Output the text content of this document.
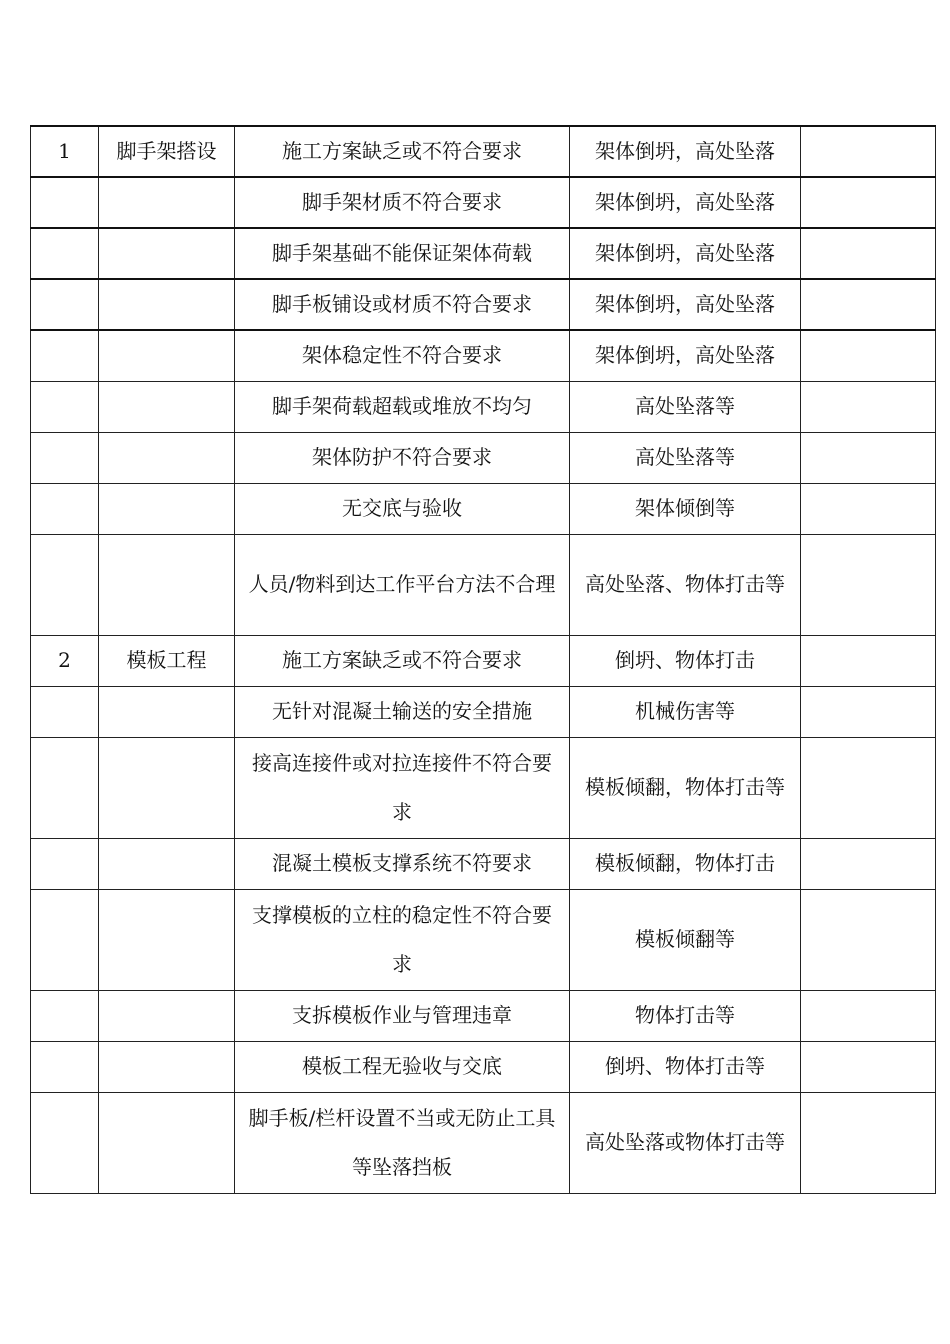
1	脚手架搭设	施工方案缺乏或不符合要求	架体倒坍，高处坠落	
		脚手架材质不符合要求	架体倒坍，高处坠落	
		脚手架基础不能保证架体荷载	架体倒坍，高处坠落	
		脚手板铺设或材质不符合要求	架体倒坍，高处坠落	
		架体稳定性不符合要求	架体倒坍，高处坠落	
		脚手架荷载超载或堆放不均匀	高处坠落等	
		架体防护不符合要求	高处坠落等	
		无交底与验收	架体倾倒等	
		人员/物料到达工作平台方法不合理	高处坠落、物体打击等	
2	模板工程	施工方案缺乏或不符合要求	倒坍、物体打击	
		无针对混凝土输送的安全措施	机械伤害等	
		接高连接件或对拉连接件不符合要求	模板倾翻，物体打击等	
		混凝土模板支撑系统不符要求	模板倾翻，物体打击	
		支撑模板的立柱的稳定性不符合要求	模板倾翻等	
		支拆模板作业与管理违章	物体打击等	
		模板工程无验收与交底	倒坍、物体打击等	
		脚手板/栏杆设置不当或无防止工具等坠落挡板	高处坠落或物体打击等	
